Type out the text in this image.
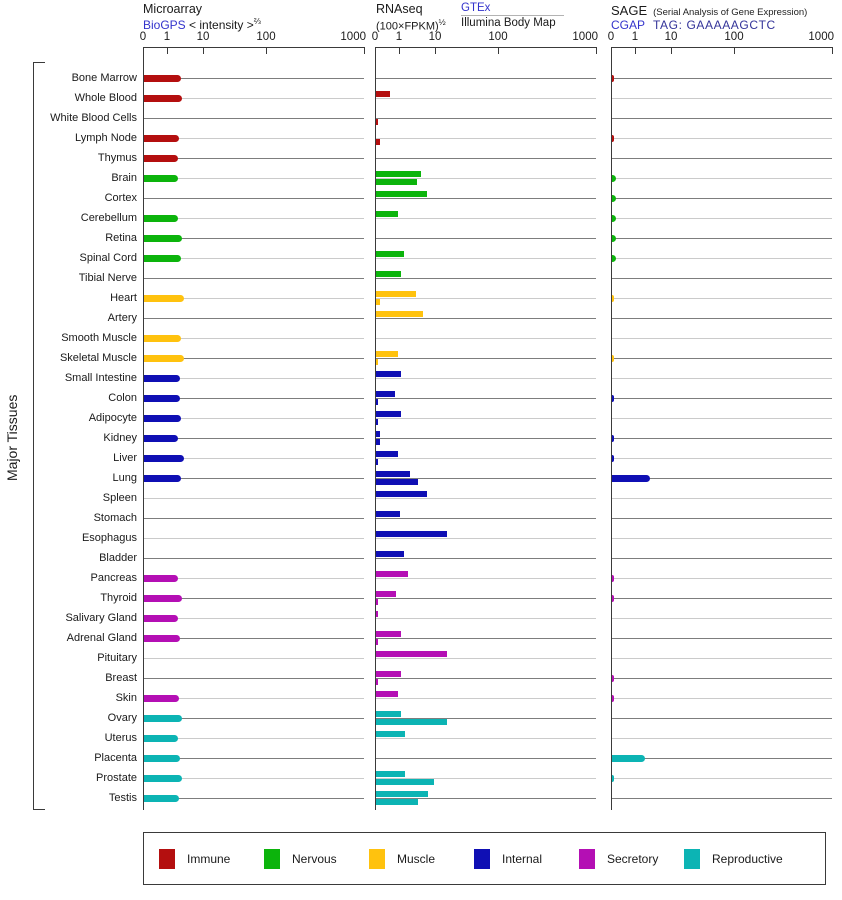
Microarray
BioGPS < intensity >$^{\frac{2}{3}}$
RNAseq
(100×FPKM)$^{\frac{1}{2}}$
GTEx
Illumina Body Map
SAGE (Serial Analysis of Gene Expression)
CGAP TAG: GAAAAAGCTC
0	1	10	100	1000 0	1	10	100	1000 0	1	10	100	1000
Bone Marrow
Whole Blood
White Blood Cells
Lymph Node
Thymus
Brain
Cortex
Cerebellum
Retina
Spinal Cord
Tibial Nerve
Heart
Artery
Smooth Muscle
Skeletal Muscle
Small Intestine
Colon
Adipocyte
Kidney
Liver
Lung
Spleen
Stomach
Esophagus
Bladder
Pancreas
Thyroid
Salivary Gland
Adrenal Gland
Pituitary
Breast
Skin
Ovary
Uterus
Placenta
Prostate
Testis
Major Tissues
Immune	Nervous	Muscle	Internal	Secretory	Reproductive
